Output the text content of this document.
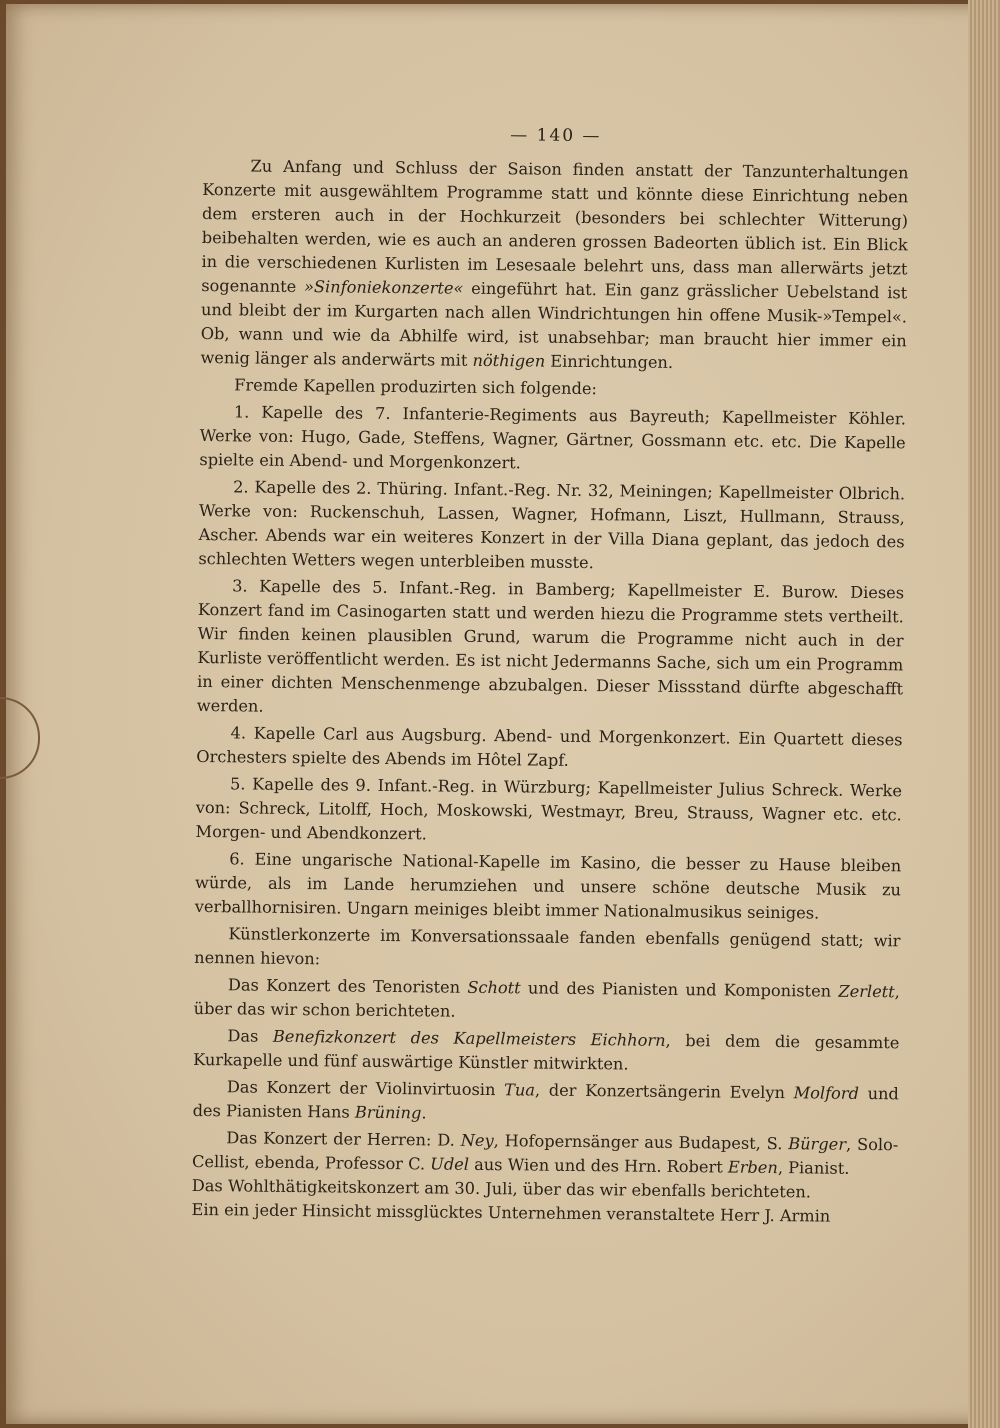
— 140 —

Zu Anfang und Schluss der Saison finden anstatt der Tanzunterhaltungen Konzerte mit ausgewähltem Programme statt und könnte diese Einrichtung neben dem ersteren auch in der Hochkurzeit (besonders bei schlechter Witterung) beibehalten werden, wie es auch an anderen grossen Badeorten üblich ist. Ein Blick in die verschiedenen Kurlisten im Lesesaale belehrt uns, dass man allerwärts jetzt sogenannte »Sinfoniekonzerte« eingeführt hat. Ein ganz grässlicher Uebelstand ist und bleibt der im Kurgarten nach allen Windrichtungen hin offene Musik-»Tempel«. Ob, wann und wie da Abhilfe wird, ist unabsehbar; man braucht hier immer ein wenig länger als anderwärts mit nöthigen Einrichtungen.

Fremde Kapellen produzirten sich folgende:

1. Kapelle des 7. Infanterie-Regiments aus Bayreuth; Kapellmeister Köhler. Werke von: Hugo, Gade, Steffens, Wagner, Gärtner, Gossmann etc. etc. Die Kapelle spielte ein Abend- und Morgenkonzert.

2. Kapelle des 2. Thüring. Infant.-Reg. Nr. 32, Meiningen; Kapellmeister Olbrich. Werke von: Ruckenschuh, Lassen, Wagner, Hofmann, Liszt, Hullmann, Strauss, Ascher. Abends war ein weiteres Konzert in der Villa Diana geplant, das jedoch des schlechten Wetters wegen unterbleiben musste.

3. Kapelle des 5. Infant.-Reg. in Bamberg; Kapellmeister E. Burow. Dieses Konzert fand im Casinogarten statt und werden hiezu die Programme stets vertheilt. Wir finden keinen plausiblen Grund, warum die Programme nicht auch in der Kurliste veröffentlicht werden. Es ist nicht Jedermanns Sache, sich um ein Programm in einer dichten Menschenmenge abzubalgen. Dieser Missstand dürfte abgeschafft werden.

4. Kapelle Carl aus Augsburg. Abend- und Morgenkonzert. Ein Quartett dieses Orchesters spielte des Abends im Hôtel Zapf.

5. Kapelle des 9. Infant.-Reg. in Würzburg; Kapellmeister Julius Schreck. Werke von: Schreck, Litolff, Hoch, Moskowski, Westmayr, Breu, Strauss, Wagner etc. etc. Morgen- und Abendkonzert.

6. Eine ungarische National-Kapelle im Kasino, die besser zu Hause bleiben würde, als im Lande herumziehen und unsere schöne deutsche Musik zu verballhornisiren. Ungarn meiniges bleibt immer Nationalmusikus seiniges.

Künstlerkonzerte im Konversationssaale fanden ebenfalls genügend statt; wir nennen hievon:

Das Konzert des Tenoristen Schott und des Pianisten und Komponisten Zerlett, über das wir schon berichteten.

Das Benefizkonzert des Kapellmeisters Eichhorn, bei dem die gesammte Kurkapelle und fünf auswärtige Künstler mitwirkten.

Das Konzert der Violinvirtuosin Tua, der Konzertsängerin Evelyn Molford und des Pianisten Hans Brüning.

Das Konzert der Herren: D. Ney, Hofopernsänger aus Budapest, S. Bürger, Solo-Cellist, ebenda, Professor C. Udel aus Wien und des Hrn. Robert Erben, Pianist.

Das Wohlthätigkeitskonzert am 30. Juli, über das wir ebenfalls berichteten.

Ein ein jeder Hinsicht missglücktes Unternehmen veranstaltete Herr J. Armin
